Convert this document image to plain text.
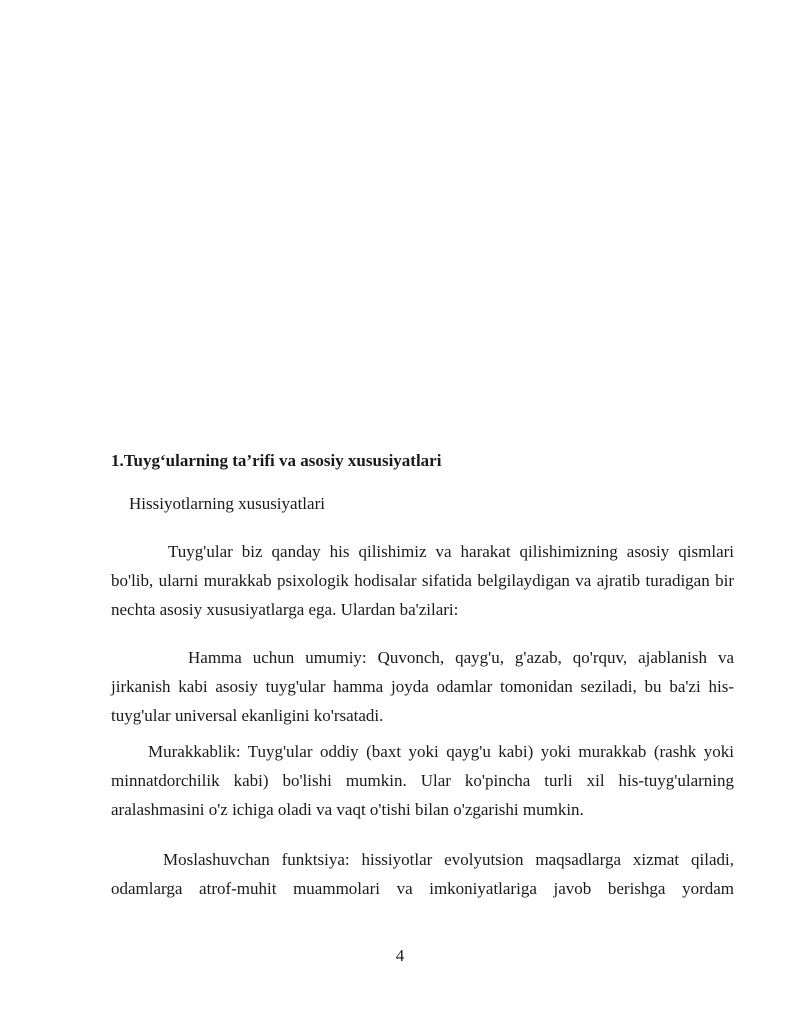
1.Tuyg‘ularning ta’rifi va asosiy xususiyatlari
Hissiyotlarning xususiyatlari

Tuyg'ular biz qanday his qilishimiz va harakat qilishimizning asosiy qismlari bo'lib, ularni murakkab psixologik hodisalar sifatida belgilaydigan va ajratib turadigan bir nechta asosiy xususiyatlarga ega. Ulardan ba'zilari:

Hamma uchun umumiy: Quvonch, qayg'u, g'azab, qo'rquv, ajablanish va jirkanish kabi asosiy tuyg'ular hamma joyda odamlar tomonidan seziladi, bu ba'zi his-tuyg'ular universal ekanligini ko'rsatadi.

Murakkablik: Tuyg'ular oddiy (baxt yoki qayg'u kabi) yoki murakkab (rashk yoki minnatdorchilik kabi) bo'lishi mumkin. Ular ko'pincha turli xil his-tuyg'ularning aralashmasini o'z ichiga oladi va vaqt o'tishi bilan o'zgarishi mumkin.

Moslashuvchan funktsiya: hissiyotlar evolyutsion maqsadlarga xizmat qiladi, odamlarga atrof-muhit muammolari va imkoniyatlariga javob berishga yordam

4
